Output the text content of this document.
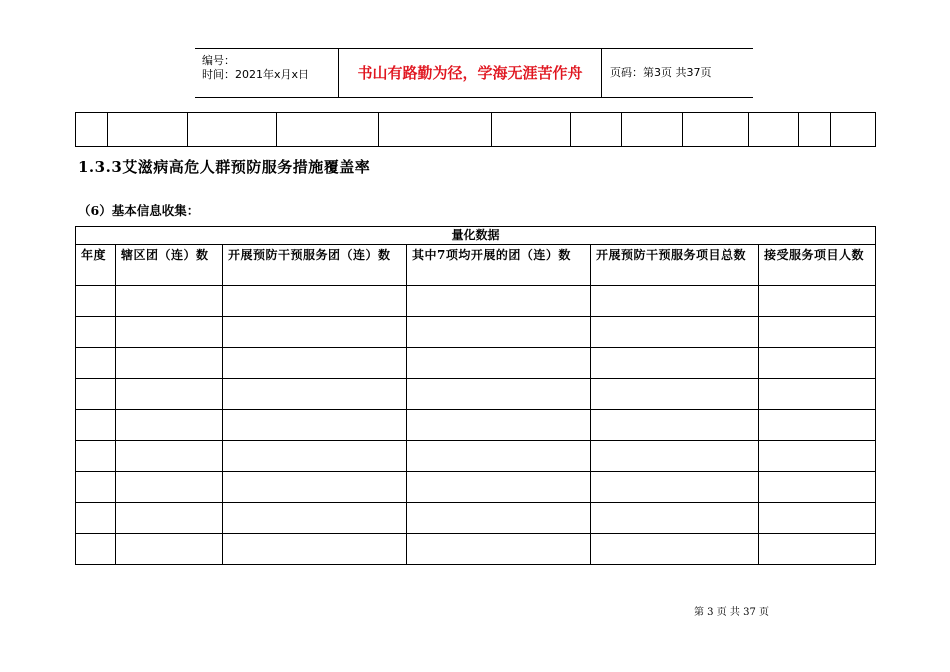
编号：
时间：2021年x月x日	书山有路勤为径，学海无涯苦作舟	页码：第3页 共37页

1.3.3艾滋病高危人群预防服务措施覆盖率
（6）基本信息收集：
量化数据					
年度	辖区团（连）数	开展预防干预服务团（连）数	其中7项均开展的团（连）数	开展预防干预服务项目总数	接受服务项目人数

第 3 页 共 37 页
